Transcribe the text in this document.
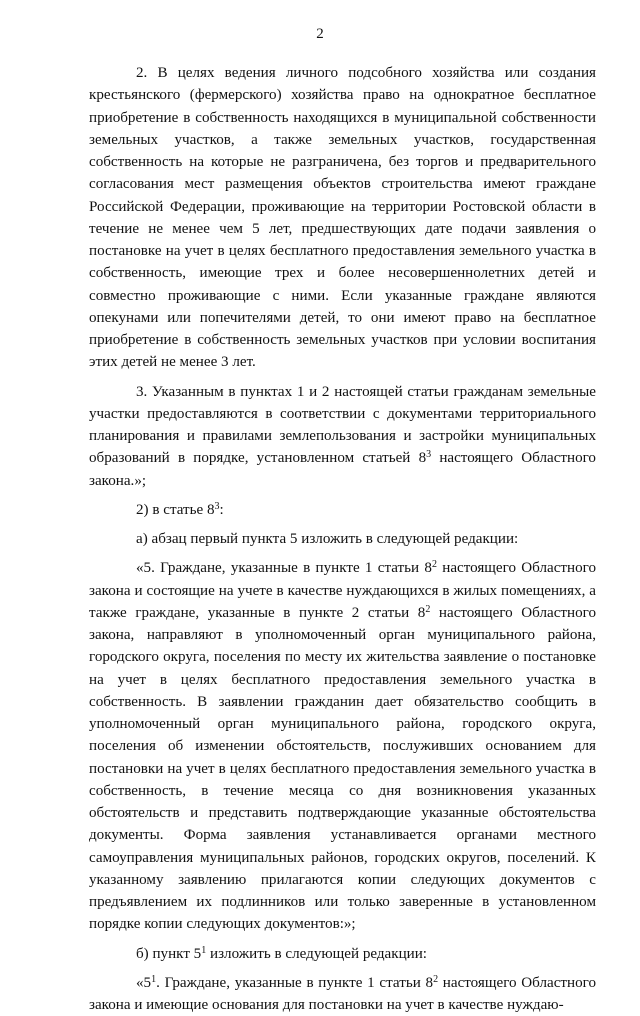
2

2. В целях ведения личного подсобного хозяйства или создания крестьянского (фермерского) хозяйства право на однократное бесплатное приобретение в собственность находящихся в муниципальной собственности земельных участков, а также земельных участков, государственная собственность на которые не разграничена, без торгов и предварительного согласования мест размещения объектов строительства имеют граждане Российской Федерации, проживающие на территории Ростовской области в течение не менее чем 5 лет, предшествующих дате подачи заявления о постановке на учет в целях бесплатного предоставления земельного участка в собственность, имеющие трех и более несовершеннолетних детей и совместно проживающие с ними. Если указанные граждане являются опекунами или попечителями детей, то они имеют право на бесплатное приобретение в собственность земельных участков при условии воспитания этих детей не менее 3 лет.

3. Указанным в пунктах 1 и 2 настоящей статьи гражданам земельные участки предоставляются в соответствии с документами территориального планирования и правилами землепользования и застройки муниципальных образований в порядке, установленном статьей $8^3$ настоящего Областного закона.»;

2) в статье $8^3$:

а) абзац первый пункта 5 изложить в следующей редакции:

«5. Граждане, указанные в пункте 1 статьи $8^2$ настоящего Областного закона и состоящие на учете в качестве нуждающихся в жилых помещениях, а также граждане, указанные в пункте 2 статьи $8^2$ настоящего Областного закона, направляют в уполномоченный орган муниципального района, городского округа, поселения по месту их жительства заявление о постановке на учет в целях бесплатного предоставления земельного участка в собственность. В заявлении гражданин дает обязательство сообщить в уполномоченный орган муниципального района, городского округа, поселения об изменении обстоятельств, послуживших основанием для постановки на учет в целях бесплатного предоставления земельного участка в собственность, в течение месяца со дня возникновения указанных обстоятельств и представить подтверждающие указанные обстоятельства документы. Форма заявления устанавливается органами местного самоуправления муниципальных районов, городских округов, поселений. К указанному заявлению прилагаются копии следующих документов с предъявлением их подлинников или только заверенные в установленном порядке копии следующих документов:»;

б) пункт $5^1$ изложить в следующей редакции:

«$5^1$. Граждане, указанные в пункте 1 статьи $8^2$ настоящего Областного закона и имеющие основания для постановки на учет в качестве нуждаю-
